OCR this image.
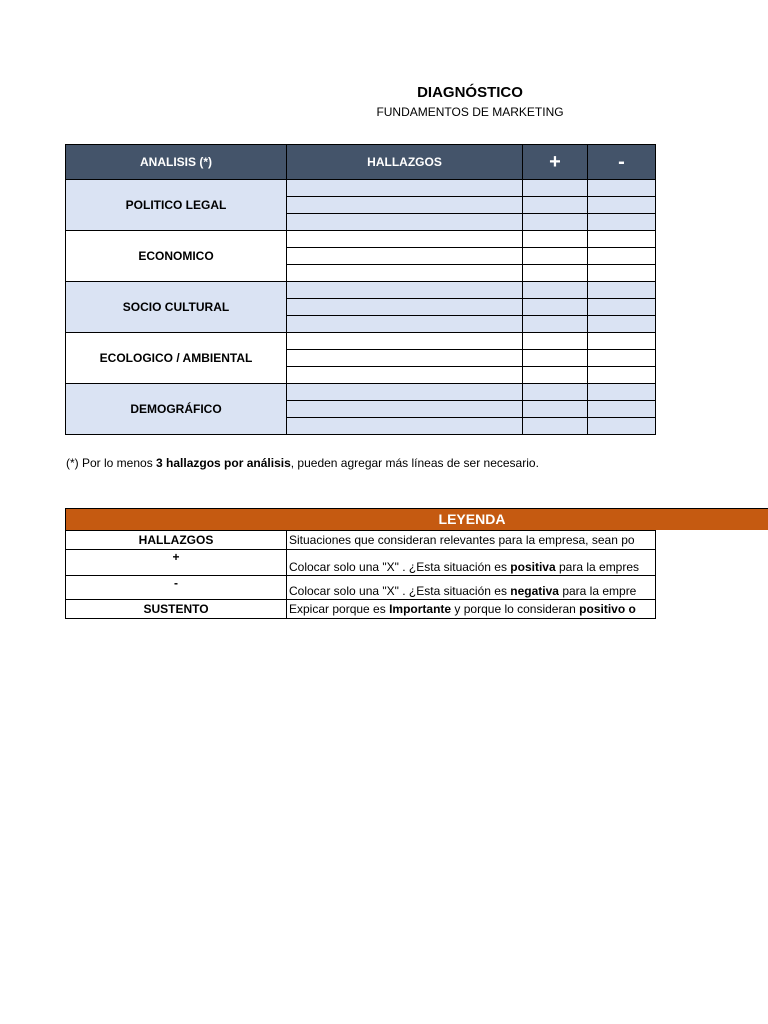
DIAGNÓSTICO
FUNDAMENTOS DE MARKETING
ANALISIS (*)	HALLAZGOS	+	-
POLITICO LEGAL			

ECONOMICO			

SOCIO CULTURAL			

ECOLOGICO / AMBIENTAL			

DEMOGRÁFICO			

(*) Por lo menos 3 hallazgos por análisis, pueden agregar más líneas de ser necesario.
LEYENDA
HALLAZGOS	Situaciones que consideran relevantes para la empresa, sean po
+	Colocar solo una "X" . ¿Esta situación es positiva para la empres
-	Colocar solo una "X" . ¿Esta situación es negativa para la empre
SUSTENTO	Expicar porque es Importante y porque lo consideran positivo o
